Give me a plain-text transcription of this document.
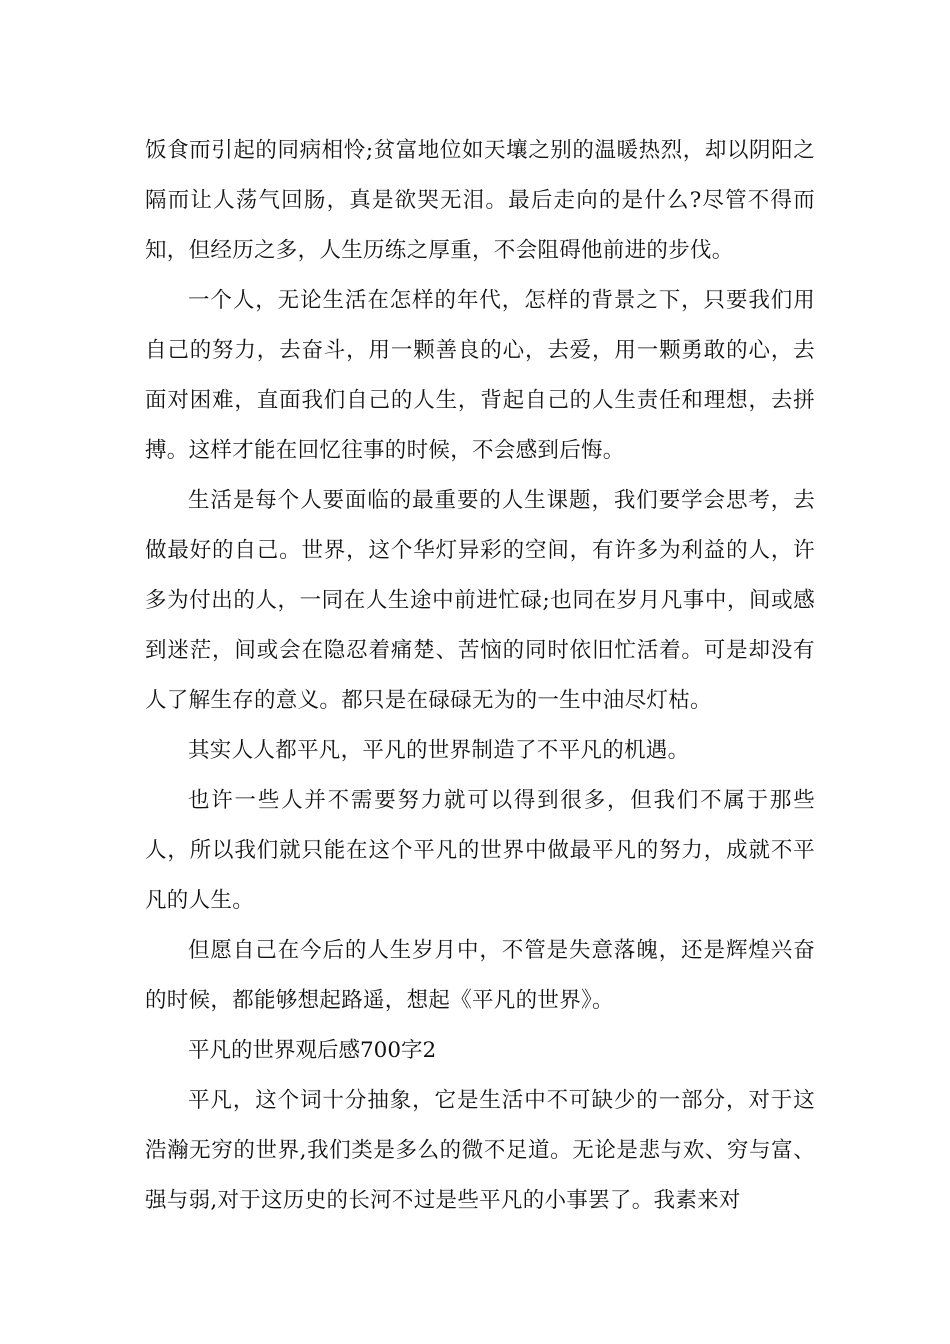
饭食而引起的同病相怜;贫富地位如天壤之别的温暖热烈，却以阴阳之隔而让人荡气回肠，真是欲哭无泪。最后走向的是什么?尽管不得而知，但经历之多，人生历练之厚重，不会阻碍他前进的步伐。

一个人，无论生活在怎样的年代，怎样的背景之下，只要我们用自己的努力，去奋斗，用一颗善良的心，去爱，用一颗勇敢的心，去面对困难，直面我们自己的人生，背起自己的人生责任和理想，去拼搏。这样才能在回忆往事的时候，不会感到后悔。

生活是每个人要面临的最重要的人生课题，我们要学会思考，去做最好的自己。世界，这个华灯异彩的空间，有许多为利益的人，许多为付出的人，一同在人生途中前进忙碌;也同在岁月凡事中，间或感到迷茫，间或会在隐忍着痛楚、苦恼的同时依旧忙活着。可是却没有人了解生存的意义。都只是在碌碌无为的一生中油尽灯枯。

其实人人都平凡，平凡的世界制造了不平凡的机遇。

也许一些人并不需要努力就可以得到很多，但我们不属于那些人，所以我们就只能在这个平凡的世界中做最平凡的努力，成就不平凡的人生。

但愿自己在今后的人生岁月中，不管是失意落魄，还是辉煌兴奋的时候，都能够想起路遥，想起《平凡的世界》。

平凡的世界观后感700字2

平凡，这个词十分抽象，它是生活中不可缺少的一部分，对于这浩瀚无穷的世界,我们类是多么的微不足道。无论是悲与欢、穷与富、强与弱,对于这历史的长河不过是些平凡的小事罢了。我素来对
